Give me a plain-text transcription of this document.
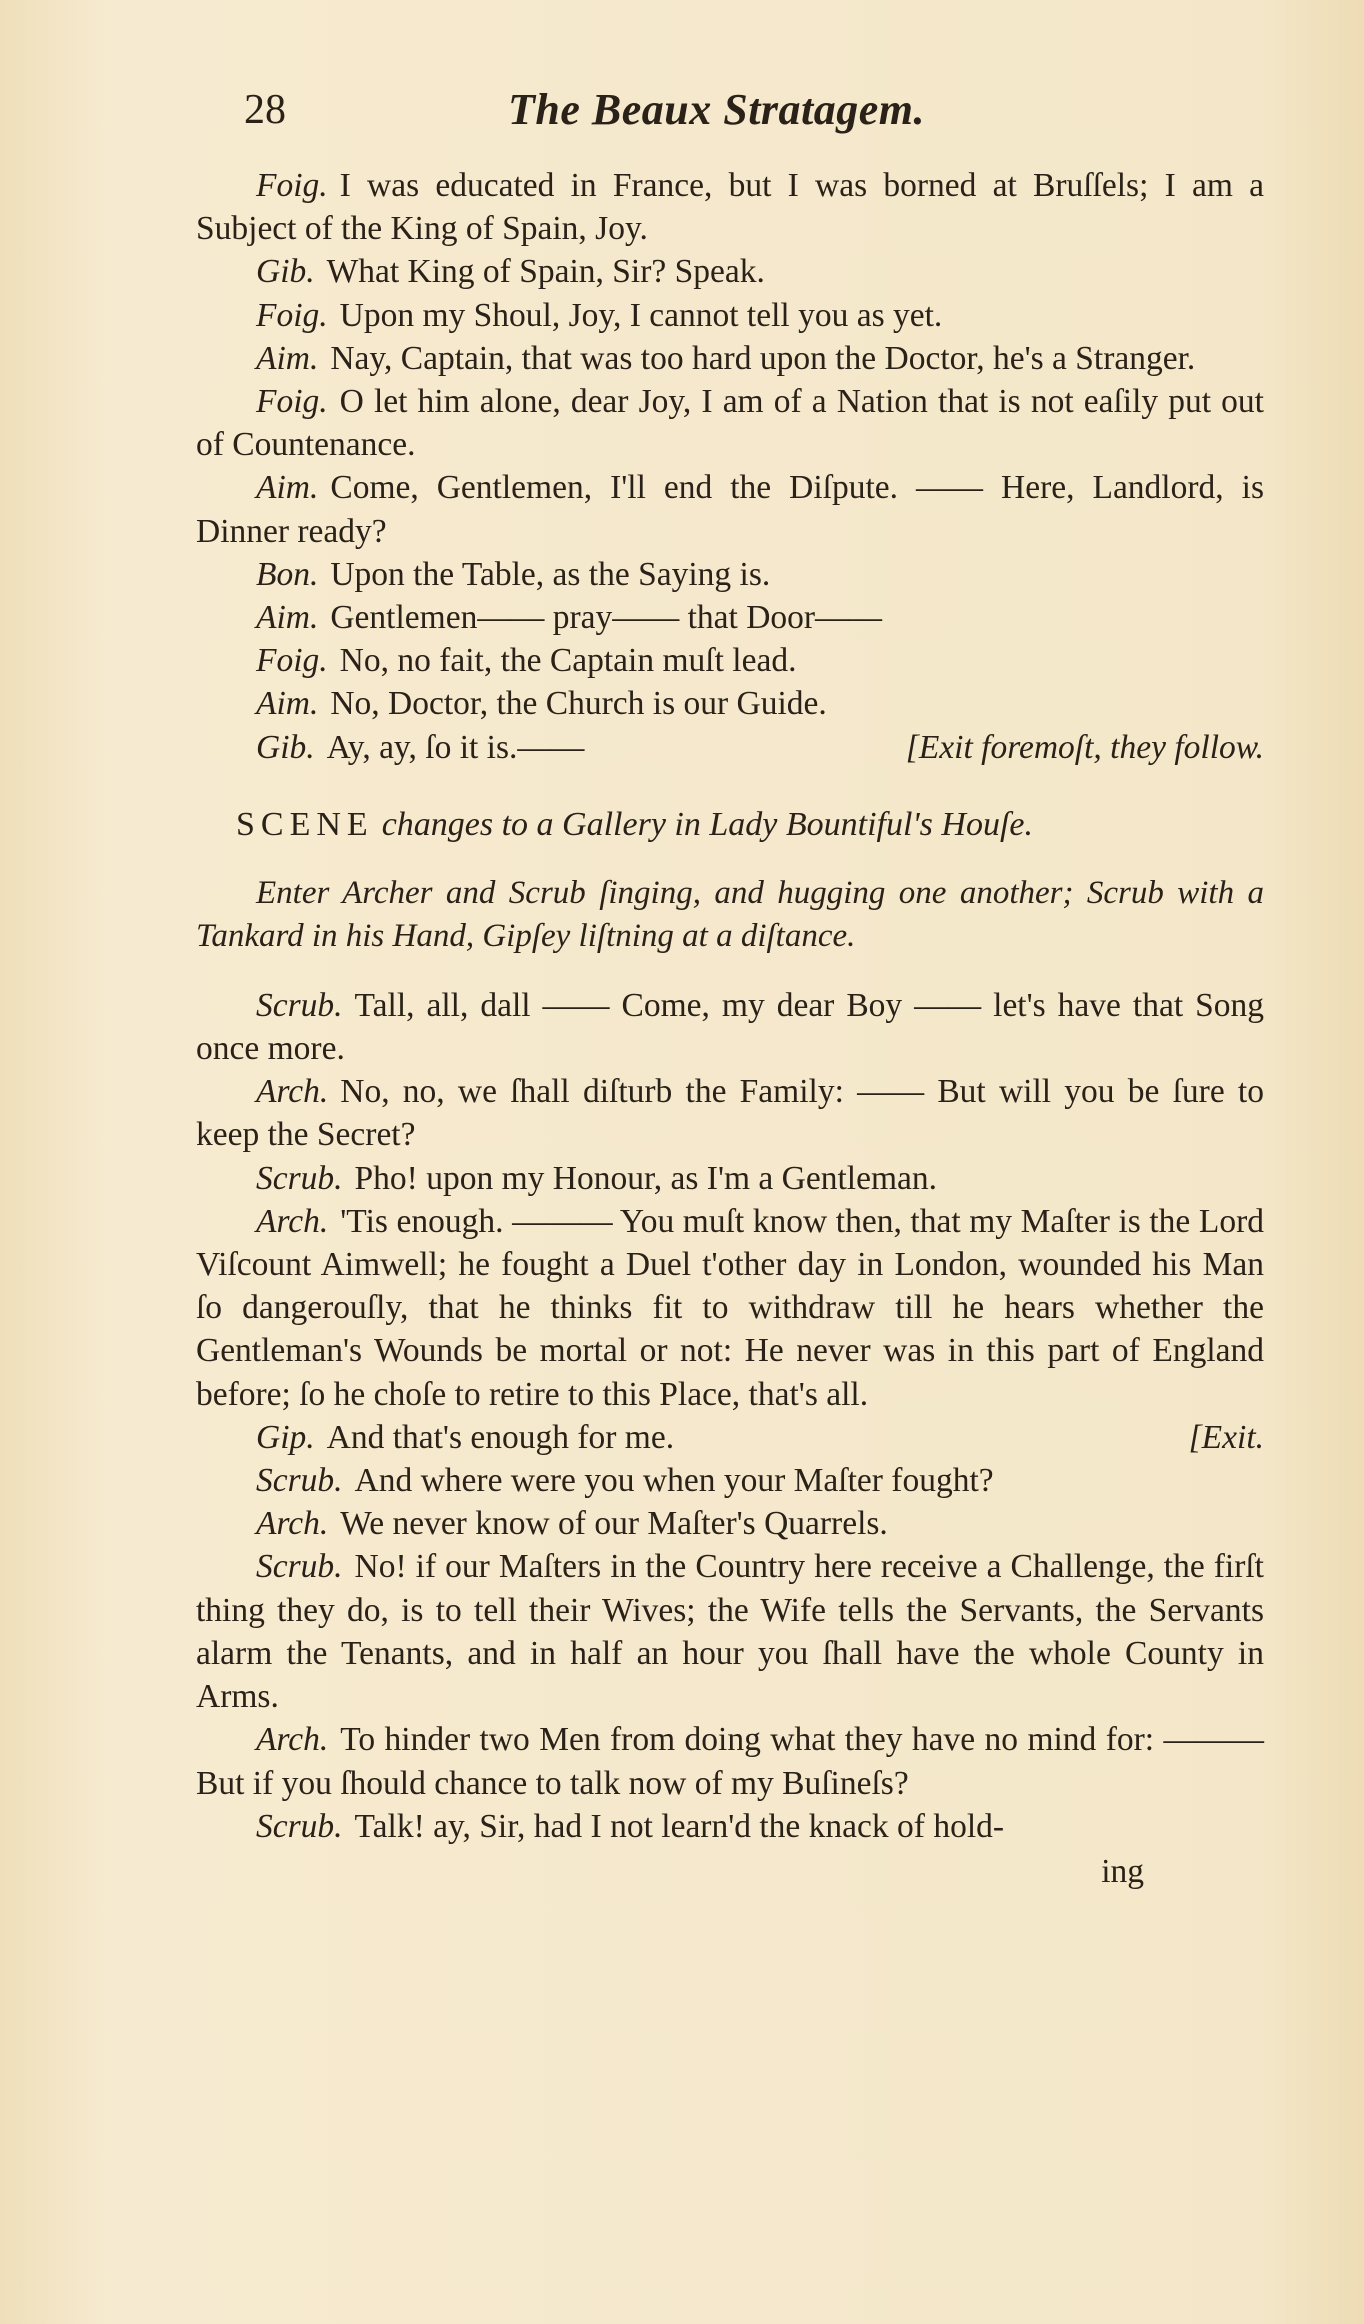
28	The Beaux Stratagem.

Foig. I was educated in France, but I was borned at Bruſſels; I am a Subject of the King of Spain, Joy.

Gib. What King of Spain, Sir? Speak.

Foig. Upon my Shoul, Joy, I cannot tell you as yet.

Aim. Nay, Captain, that was too hard upon the Doctor, he's a Stranger.

Foig. O let him alone, dear Joy, I am of a Nation that is not eaſily put out of Countenance.

Aim. Come, Gentlemen, I'll end the Diſpute. —— Here, Landlord, is Dinner ready?

Bon. Upon the Table, as the Saying is.

Aim. Gentlemen—— pray—— that Door——

Foig. No, no fait, the Captain muſt lead.

Aim. No, Doctor, the Church is our Guide.

Gib. Ay, ay, ſo it is.——	[Exit foremoſt, they follow.

SCENE changes to a Gallery in Lady Bountiful's Houſe.

Enter Archer and Scrub ſinging, and hugging one another; Scrub with a Tankard in his Hand, Gipſey liſtning at a diſtance.

Scrub. Tall, all, dall —— Come, my dear Boy —— let's have that Song once more.

Arch. No, no, we ſhall diſturb the Family: —— But will you be ſure to keep the Secret?

Scrub. Pho! upon my Honour, as I'm a Gentleman.

Arch. 'Tis enough. ——— You muſt know then, that my Maſter is the Lord Viſcount Aimwell; he fought a Duel t'other day in London, wounded his Man ſo dangerouſly, that he thinks fit to withdraw till he hears whether the Gentleman's Wounds be mortal or not: He never was in this part of England before; ſo he choſe to retire to this Place, that's all.

Gip. And that's enough for me.	[Exit.

Scrub. And where were you when your Maſter fought?

Arch. We never know of our Maſter's Quarrels.

Scrub. No! if our Maſters in the Country here receive a Challenge, the firſt thing they do, is to tell their Wives; the Wife tells the Servants, the Servants alarm the Tenants, and in half an hour you ſhall have the whole County in Arms.

Arch. To hinder two Men from doing what they have no mind for: ——— But if you ſhould chance to talk now of my Buſineſs?

Scrub. Talk! ay, Sir, had I not learn'd the knack of hold-

ing
